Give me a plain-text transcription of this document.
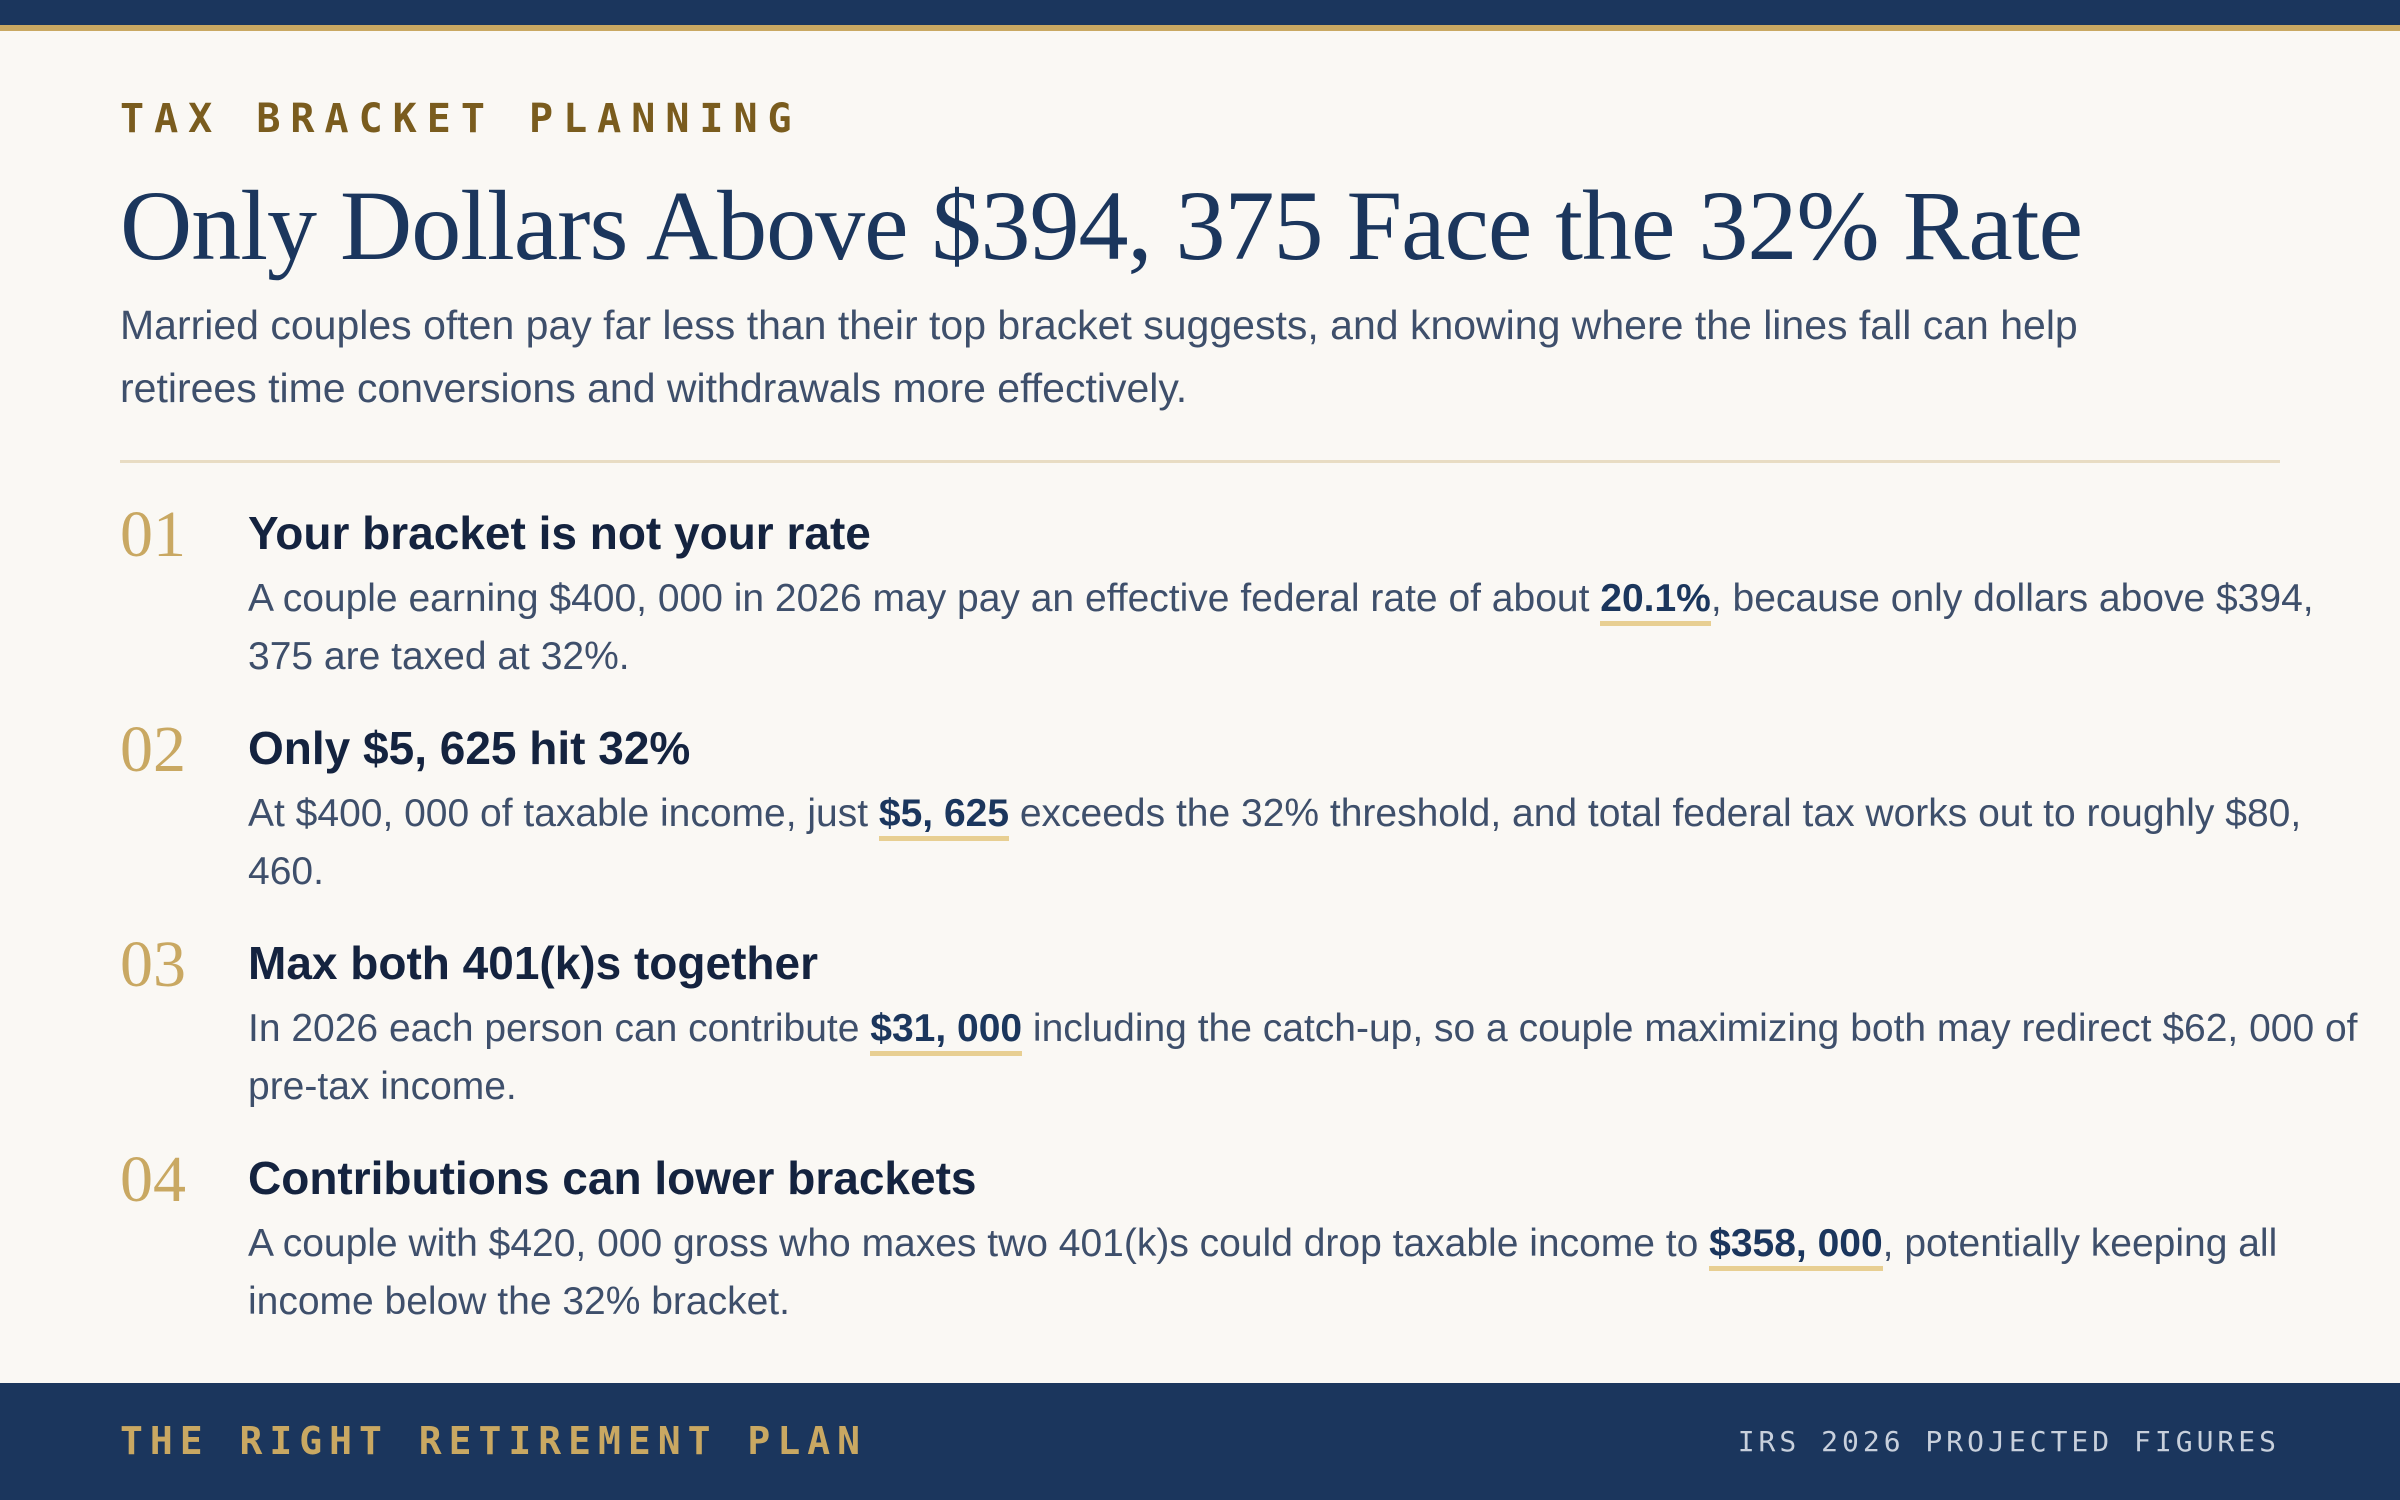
TAX BRACKET PLANNING
Only Dollars Above $394, 375 Face the 32% Rate

Married couples often pay far less than their top bracket suggests, and knowing where the lines fall can help retirees time conversions and withdrawals more effectively.

01 Your bracket is not your rate

A couple earning $400, 000 in 2026 may pay an effective federal rate of about 20.1%, because only dollars above $394, 375 are taxed at 32%.

02 Only $5, 625 hit 32%

At $400, 000 of taxable income, just $5, 625 exceeds the 32% threshold, and total federal tax works out to roughly $80, 460.

03 Max both 401(k)s together

In 2026 each person can contribute $31, 000 including the catch-up, so a couple maximizing both may redirect $62, 000 of pre-tax income.

04 Contributions can lower brackets

A couple with $420, 000 gross who maxes two 401(k)s could drop taxable income to $358, 000, potentially keeping all income below the 32% bracket.

THE RIGHT RETIREMENT PLAN	IRS 2026 PROJECTED FIGURES
